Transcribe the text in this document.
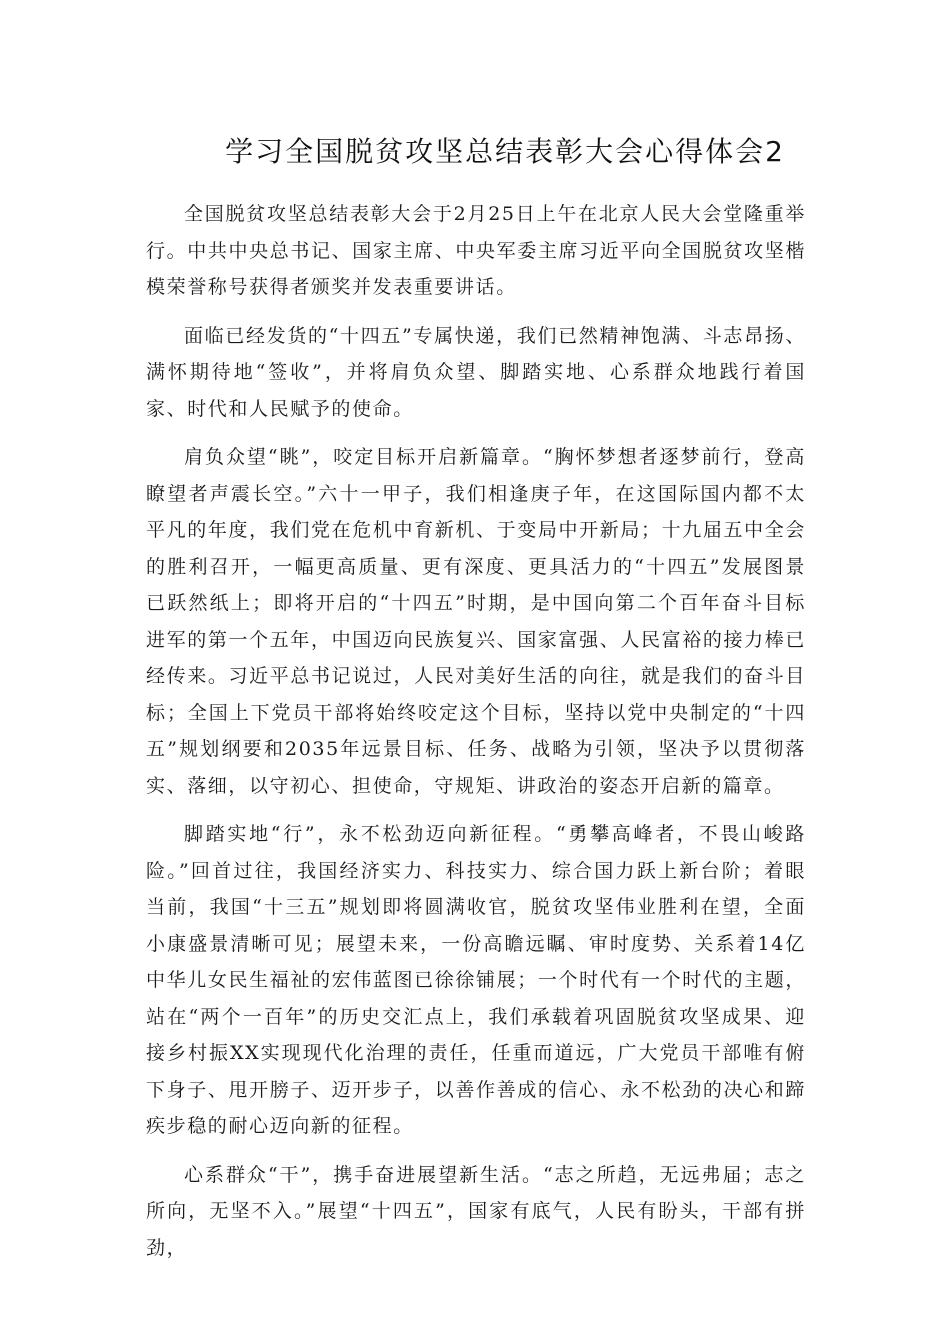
学习全国脱贫攻坚总结表彰大会心得体会2

全国脱贫攻坚总结表彰大会于2月25日上午在北京人民大会堂隆重举行。中共中央总书记、国家主席、中央军委主席习近平向全国脱贫攻坚楷模荣誉称号获得者颁奖并发表重要讲话。

面临已经发货的“十四五”专属快递，我们已然精神饱满、斗志昂扬、满怀期待地“签收”，并将肩负众望、脚踏实地、心系群众地践行着国家、时代和人民赋予的使命。

肩负众望“眺”，咬定目标开启新篇章。“胸怀梦想者逐梦前行，登高瞭望者声震长空。”六十一甲子，我们相逢庚子年，在这国际国内都不太平凡的年度，我们党在危机中育新机、于变局中开新局；十九届五中全会的胜利召开，一幅更高质量、更有深度、更具活力的“十四五”发展图景已跃然纸上；即将开启的“十四五”时期，是中国向第二个百年奋斗目标进军的第一个五年，中国迈向民族复兴、国家富强、人民富裕的接力棒已经传来。习近平总书记说过，人民对美好生活的向往，就是我们的奋斗目标；全国上下党员干部将始终咬定这个目标，坚持以党中央制定的“十四五”规划纲要和2035年远景目标、任务、战略为引领，坚决予以贯彻落实、落细，以守初心、担使命，守规矩、讲政治的姿态开启新的篇章。

脚踏实地“行”，永不松劲迈向新征程。“勇攀高峰者，不畏山峻路险。”回首过往，我国经济实力、科技实力、综合国力跃上新台阶；着眼当前，我国“十三五”规划即将圆满收官，脱贫攻坚伟业胜利在望，全面小康盛景清晰可见；展望未来，一份高瞻远瞩、审时度势、关系着14亿中华儿女民生福祉的宏伟蓝图已徐徐铺展；一个时代有一个时代的主题，站在“两个一百年”的历史交汇点上，我们承载着巩固脱贫攻坚成果、迎接乡村振XX实现现代化治理的责任，任重而道远，广大党员干部唯有俯下身子、甩开膀子、迈开步子，以善作善成的信心、永不松劲的决心和蹄疾步稳的耐心迈向新的征程。

心系群众“干”，携手奋进展望新生活。“志之所趋，无远弗届；志之所向，无坚不入。”展望“十四五”，国家有底气，人民有盼头，干部有拼劲，
